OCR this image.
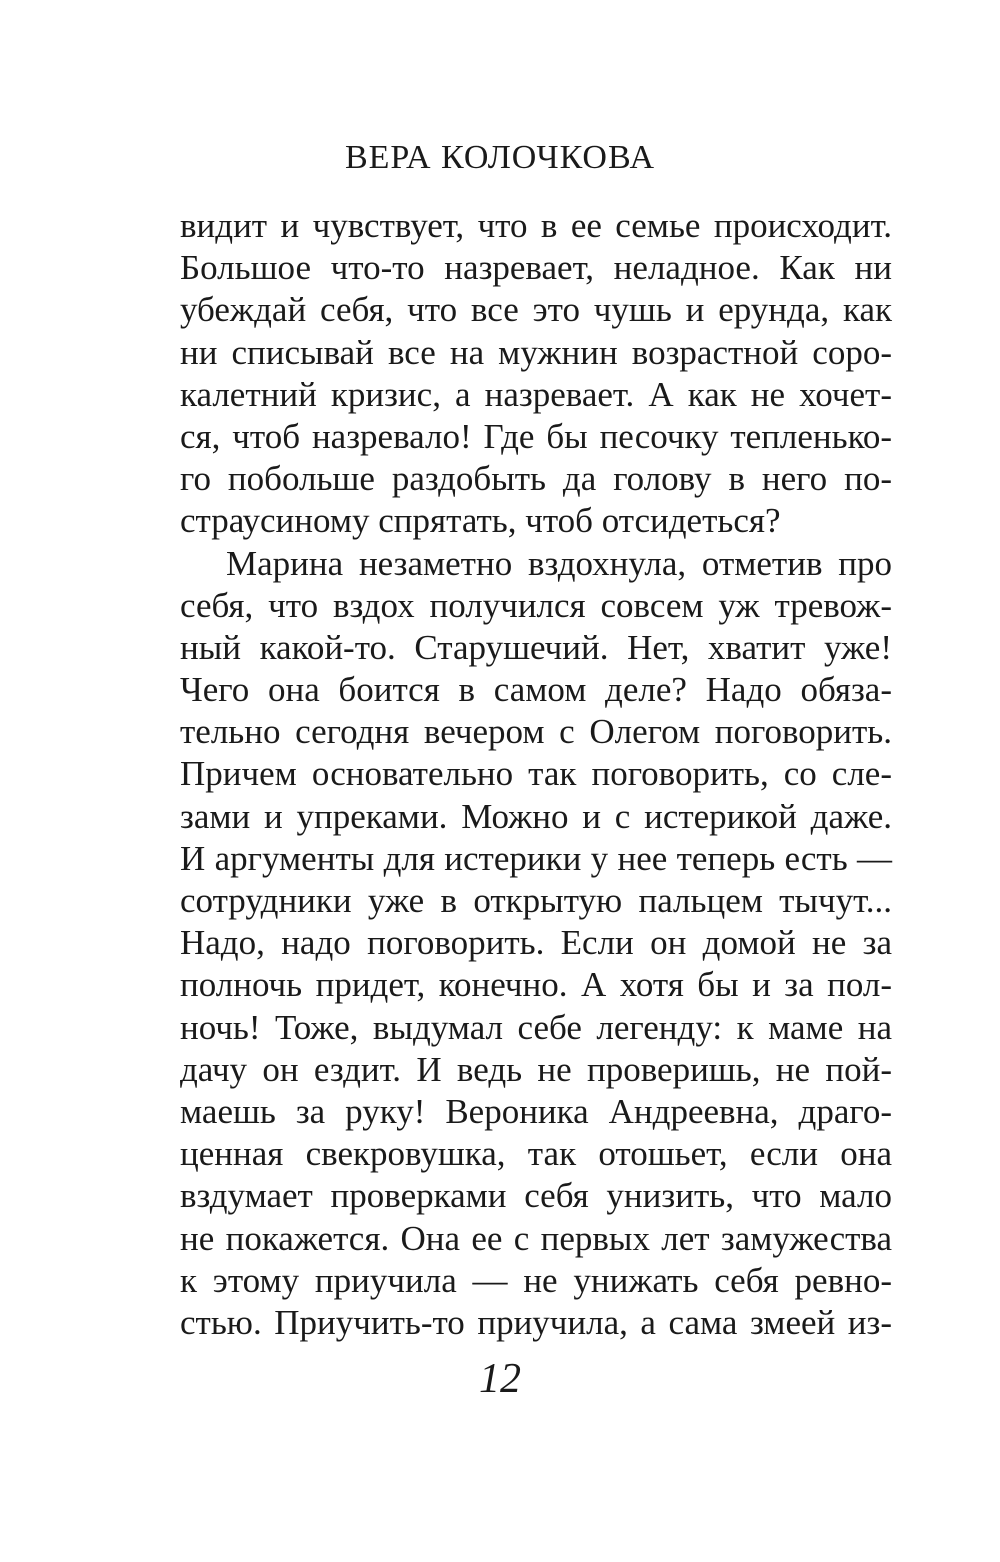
ВЕРА КОЛОЧКОВА
видит и чувствует, что в ее семье происходит.
Большое что-то назревает, неладное. Как ни
убеждай себя, что все это чушь и ерунда, как
ни списывай все на мужнин возрастной соро-
калетний кризис, а назревает. А как не хочет-
ся, чтоб назревало! Где бы песочку тепленько-
го побольше раздобыть да голову в него по-
страусиному спрятать, чтоб отсидеться?
Марина незаметно вздохнула, отметив про
себя, что вздох получился совсем уж тревож-
ный какой-то. Старушечий. Нет, хватит уже!
Чего она боится в самом деле? Надо обяза-
тельно сегодня вечером с Олегом поговорить.
Причем основательно так поговорить, со сле-
зами и упреками. Можно и с истерикой даже.
И аргументы для истерики у нее теперь есть —
сотрудники уже в открытую пальцем тычут...
Надо, надо поговорить. Если он домой не за
полночь придет, конечно. А хотя бы и за пол-
ночь! Тоже, выдумал себе легенду: к маме на
дачу он ездит. И ведь не проверишь, не пой-
маешь за руку! Вероника Андреевна, драго-
ценная свекровушка, так отошьет, если она
вздумает проверками себя унизить, что мало
не покажется. Она ее с первых лет замужества
к этому приучила — не унижать себя ревно-
стью. Приучить-то приучила, а сама змеей из-
12
